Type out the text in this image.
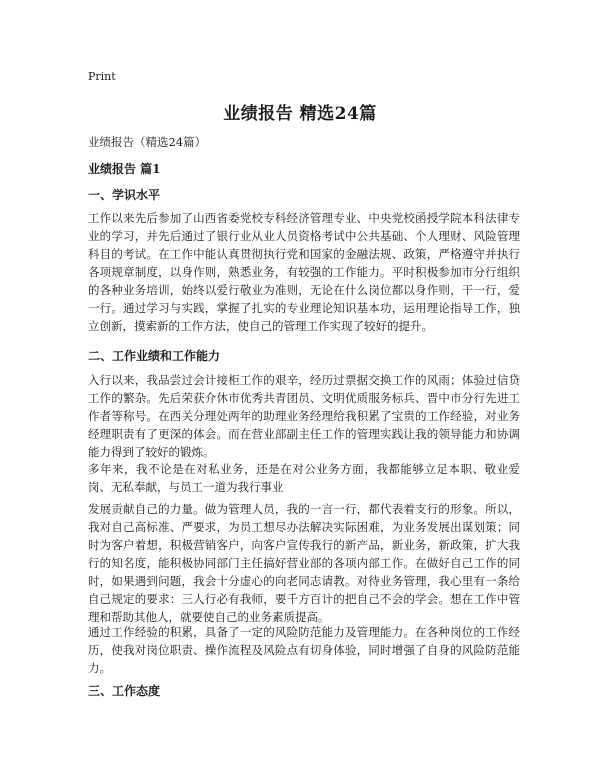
Print
业绩报告 精选24篇
业绩报告（精选24篇）
业绩报告 篇1
一、学识水平

工作以来先后参加了山西省委党校专科经济管理专业、中央党校函授学院本科法律专业的学习，并先后通过了银行业从业人员资格考试中公共基础、个人理财、风险管理科目的考试。在工作中能认真贯彻执行党和国家的金融法规、政策，严格遵守并执行各项规章制度，以身作则，熟悉业务，有较强的工作能力。平时积极参加市分行组织的各种业务培训，始终以爱行敬业为准则，无论在什么岗位都以身作则，干一行，爱一行。通过学习与实践，掌握了扎实的专业理论知识基本功，运用理论指导工作，独立创新，摸索新的工作方法，使自己的管理工作实现了较好的提升。

二、工作业绩和工作能力

入行以来，我品尝过会计接柜工作的艰辛，经历过票据交换工作的风雨；体验过信贷工作的繁杂。先后荣获介休市优秀共青团员、文明优质服务标兵、晋中市分行先进工作者等称号。在西关分理处两年的助理业务经理给我积累了宝贵的工作经验，对业务经理职责有了更深的体会。而在营业部副主任工作的管理实践让我的领导能力和协调能力得到了较好的锻炼。

多年来，我不论是在对私业务，还是在对公业务方面，我都能够立足本职、敬业爱岗、无私奉献，与员工一道为我行事业

发展贡献自己的力量。做为管理人员，我的一言一行，都代表着支行的形象。所以，我对自己高标准、严要求，为员工想尽办法解决实际困难，为业务发展出谋划策；同时为客户着想，积极营销客户，向客户宣传我行的新产品，新业务，新政策，扩大我行的知名度，能积极协同部门主任搞好营业部的各项内部工作。在做好自己工作的同时，如果遇到问题，我会十分虚心的向老同志请教。对待业务管理，我心里有一条给自己规定的要求：三人行必有我师，要千方百计的把自己不会的学会。想在工作中管理和帮助其他人，就要使自己的业务素质提高。

通过工作经验的积累，具备了一定的风险防范能力及管理能力。在各种岗位的工作经历，使我对岗位职责、操作流程及风险点有切身体验，同时增强了自身的风险防范能力。

三、工作态度
